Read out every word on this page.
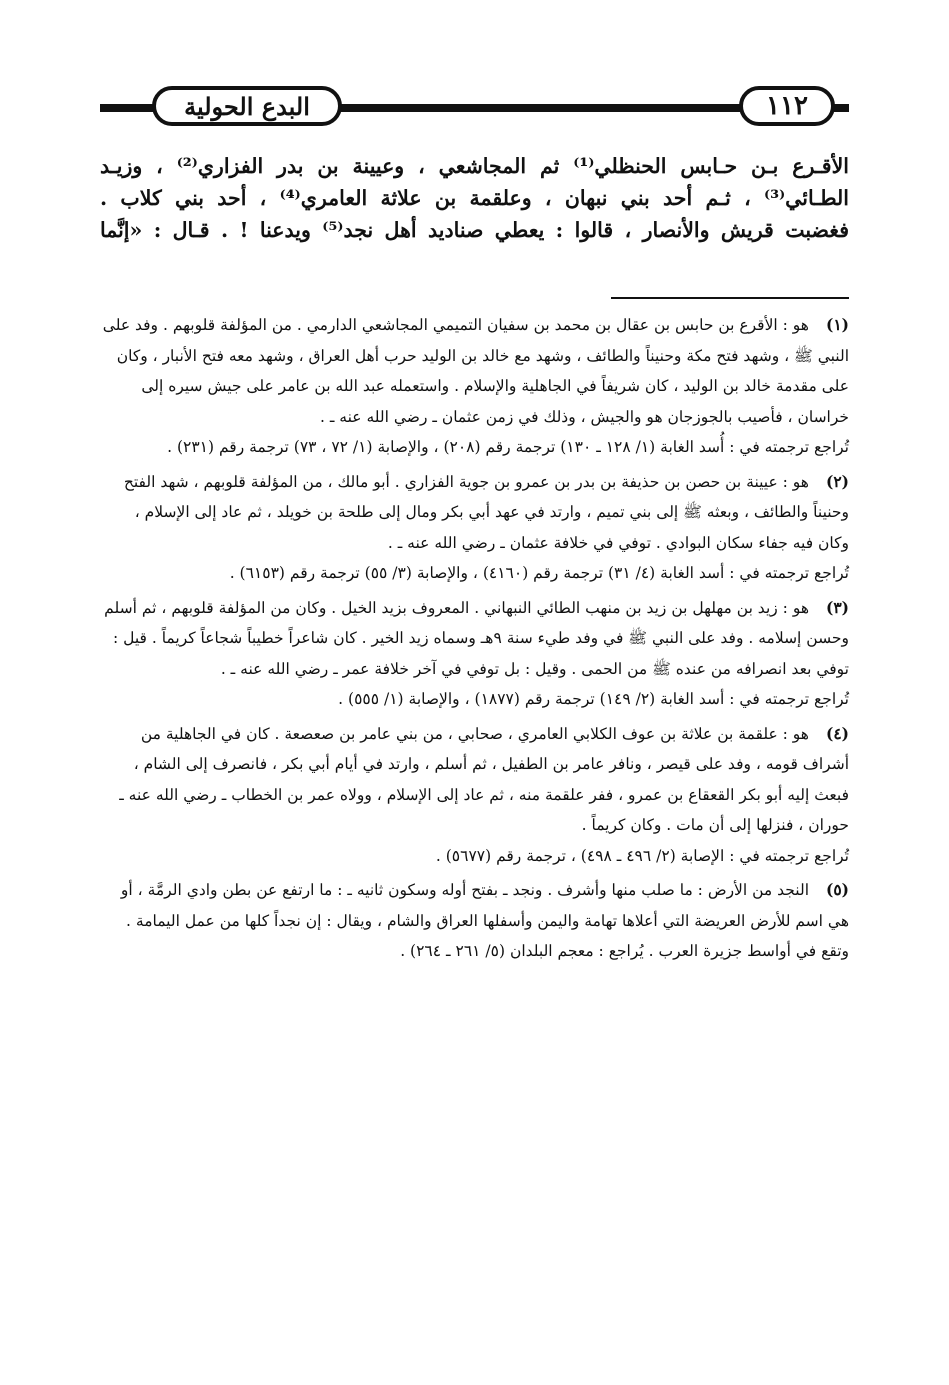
البدع الحولية	١١٢
الأقـرع بـن حـابس الحنظلي⁽¹⁾ ثم المجاشعي ، وعيينة بن بدر الفزاري⁽²⁾ ، وزيـد
الطـائي⁽³⁾ ، ثـم أحد بني نبهان ، وعلقمة بن علاثة العامري⁽⁴⁾ ، أحد بني كلاب .
فغضبت قريش والأنصار ، قالوا : يعطي صناديد أهل نجد⁽⁵⁾ ويدعنا ! . قـال : «إنَّما
(١)هو : الأقرع بن حابس بن عقال بن محمد بن سفيان التميمي المجاشعي الدارمي . من المؤلفة قلوبهم . وفد على النبي ﷺ ، وشهد فتح مكة وحنيناً والطائف ، وشهد مع خالد بن الوليد حرب أهل العراق ، وشهد معه فتح الأنبار ، وكان على مقدمة خالد بن الوليد ، كان شريفاً في الجاهلية والإسلام . واستعمله عبد الله بن عامر على جيش سيره إلى خراسان ، فأصيب بالجوزجان هو والجيش ، وذلك في زمن عثمان ـ رضي الله عنه ـ .
تُراجع ترجمته في : أُسد الغابة (١/ ١٢٨ ـ ١٣٠) ترجمة رقم (٢٠٨) ، والإصابة (١/ ٧٢ ، ٧٣) ترجمة رقم (٢٣١) .
(٢)هو : عيينة بن حصن بن حذيفة بن بدر بن عمرو بن جوية الفزاري . أبو مالك ، من المؤلفة قلوبهم ، شهد الفتح وحنيناً والطائف ، وبعثه ﷺ إلى بني تميم ، وارتد في عهد أبي بكر ومال إلى طلحة بن خويلد ، ثم عاد إلى الإسلام ، وكان فيه جفاء سكان البوادي . توفي في خلافة عثمان ـ رضي الله عنه ـ .
تُراجع ترجمته في : أسد الغابة (٤/ ٣١) ترجمة رقم (٤١٦٠) ، والإصابة (٣/ ٥٥) ترجمة رقم (٦١٥٣) .
(٣)هو : زيد بن مهلهل بن زيد بن منهب الطائي النبهاني . المعروف بزيد الخيل . وكان من المؤلفة قلوبهم ، ثم أسلم وحسن إسلامه . وفد على النبي ﷺ في وفد طيء سنة ٩هـ وسماه زيد الخير . كان شاعراً خطيباً شجاعاً كريماً . قيل : توفي بعد انصرافه من عنده ﷺ من الحمى . وقيل : بل توفي في آخر خلافة عمر ـ رضي الله عنه ـ .
تُراجع ترجمته في : أسد الغابة (٢/ ١٤٩) ترجمة رقم (١٨٧٧) ، والإصابة (١/ ٥٥٥) .
(٤)هو : علقمة بن علاثة بن عوف الكلابي العامري ، صحابي ، من بني عامر بن صعصعة . كان في الجاهلية من أشراف قومه ، وفد على قيصر ، ونافر عامر بن الطفيل ، ثم أسلم ، وارتد في أيام أبي بكر ، فانصرف إلى الشام ، فبعث إليه أبو بكر القعقاع بن عمرو ، ففر علقمة منه ، ثم عاد إلى الإسلام ، وولاه عمر بن الخطاب ـ رضي الله عنه ـ حوران ، فنزلها إلى أن مات . وكان كريماً .
تُراجع ترجمته في : الإصابة (٢/ ٤٩٦ ـ ٤٩٨) ، ترجمة رقم (٥٦٧٧) .
(٥)النجد من الأرض : ما صلب منها وأشرف . ونجد ـ بفتح أوله وسكون ثانيه ـ : ما ارتفع عن بطن وادي الرمَّة ، أو هي اسم للأرض العريضة التي أعلاها تهامة واليمن وأسفلها العراق والشام ، ويقال : إن نجداً كلها من عمل اليمامة . وتقع في أواسط جزيرة العرب . يُراجع : معجم البلدان (٥/ ٢٦١ ـ ٢٦٤) .
